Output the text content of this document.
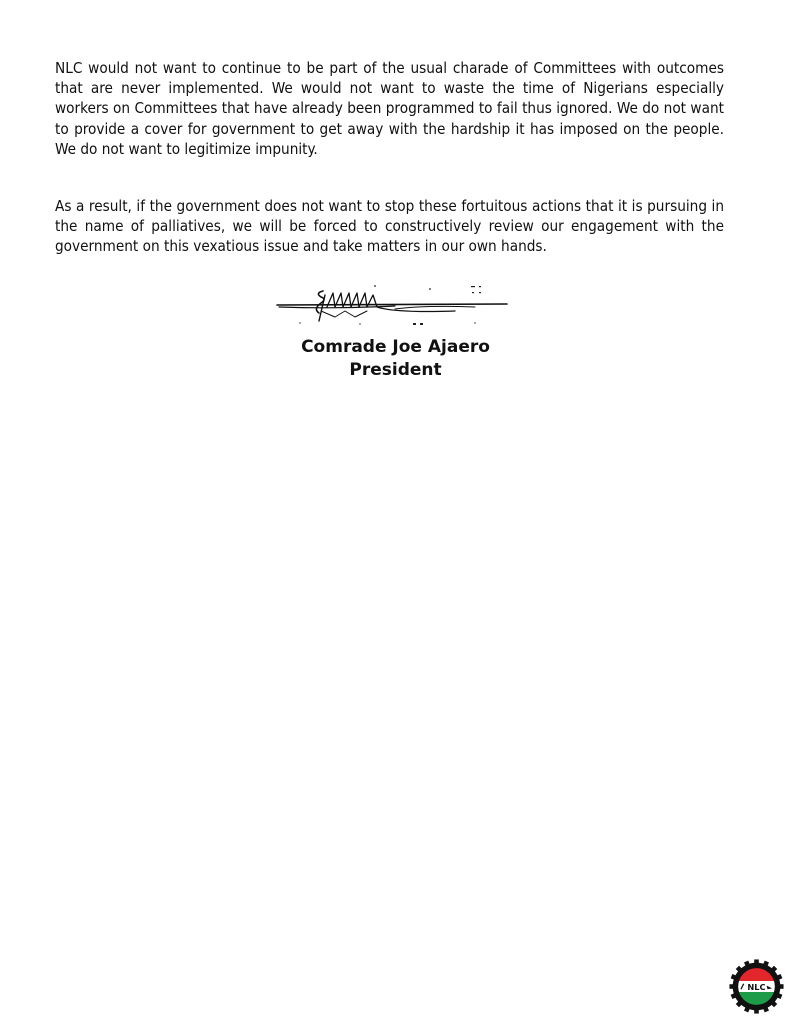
NLC would not want to continue to be part of the usual charade of Committees with outcomes that are never implemented. We would not want to waste the time of Nigerians especially workers on Committees that have already been programmed to fail thus ignored. We do not want to provide a cover for government to get away with the hardship it has imposed on the people. We do not want to legitimize impunity.

As a result, if the government does not want to stop these fortuitous actions that it is pursuing in the name of palliatives, we will be forced to constructively review our engagement with the government on this vexatious issue and take matters in our own hands.

Comrade Joe Ajaero

President

NLC
